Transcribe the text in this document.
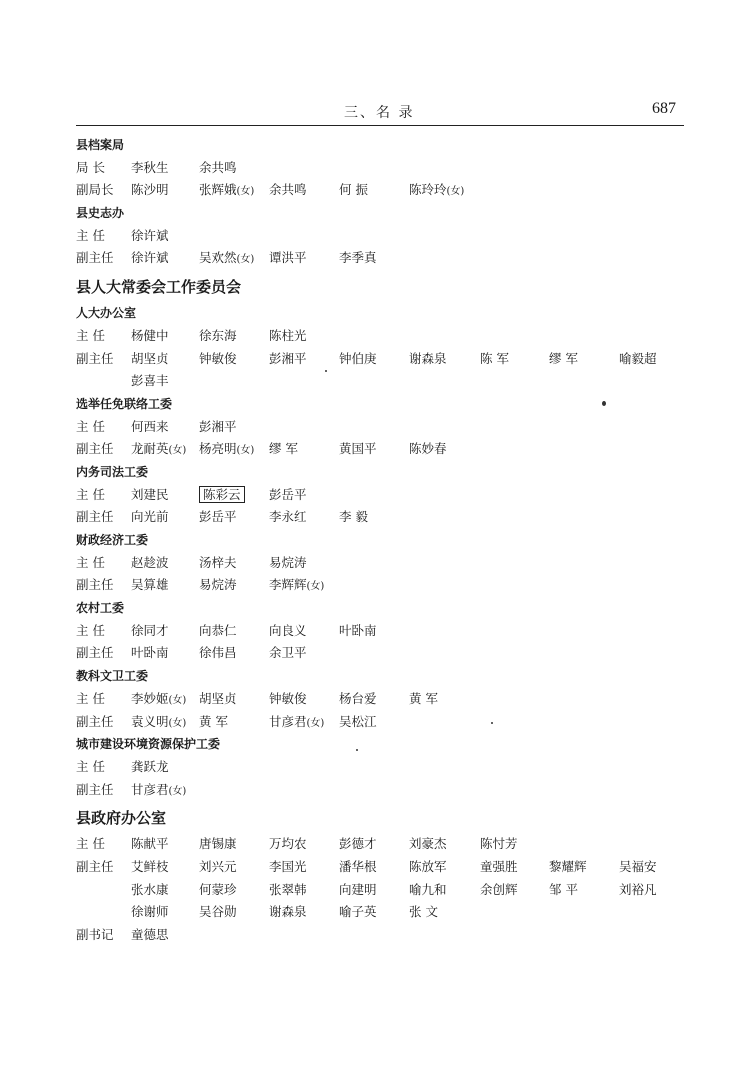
三、名 录	687
县档案局
局 长	李秋生 余共鸣
副局长	陈沙明 张辉娥(女) 余共鸣	何 振	陈玲玲(女)
县史志办
主 任	徐许斌
副主任	徐许斌 吴欢然(女) 谭洪平	李季真
县人大常委会工作委员会
人大办公室
主 任	杨健中 徐东海	陈柱光
副主任	胡坚贞 钟敏俊	彭湘平	钟伯庚	谢森泉	陈 军	缪 军	喻毅超
彭喜丰
选举任免联络工委
主 任	何西来 彭湘平
副主任	龙耐英(女) 杨亮明(女) 缪 军	黄国平	陈妙春
内务司法工委
主 任	刘建民	陈彩云	彭岳平
副主任	向光前 彭岳平	李永红	李 毅
财政经济工委
主 任	赵趁波 汤梓夫	易烷涛
副主任	吴算雄 易烷涛	李辉辉(女)
农村工委
主 任	徐同才 向恭仁	向良义	叶卧南
副主任	叶卧南 徐伟昌	余卫平
教科文卫工委
主 任	李妙姬(女) 胡坚贞	钟敏俊	杨台爱	黄 军
副主任	袁义明(女) 黄 军	甘彦君(女) 吴松江
城市建设环境资源保护工委
主 任	龚跃龙
副主任	甘彦君(女)
县政府办公室
主 任	陈献平 唐锡康	万均农	彭德才	刘豪杰	陈忖芳
副主任	艾鲜枝 刘兴元	李国光	潘华根	陈放军	童强胜	黎耀辉	吴福安
张水康 何蒙珍	张翠韩	向建明	喻九和	余创辉	邹 平	刘裕凡
徐谢师 吴谷勋	谢森泉	喻子英	张 文
副书记	童德思
